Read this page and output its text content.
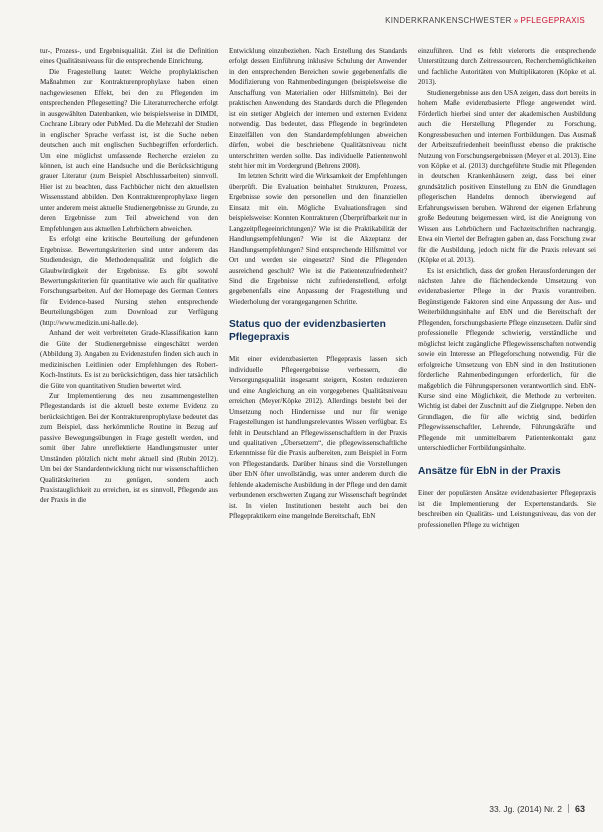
KINDERKRANKENSCHWESTER » PFLEGEPRAXIS

tur-, Prozess-, und Ergebnisqualität. Ziel ist die Definition eines Qualitätsniveaus für die entsprechende Einrichtung.

Die Fragestellung lautet: Welche prophylaktischen Maßnahmen zur Kontrakturenprophylaxe haben einen nachgewiesenen Effekt, bei den zu Pflegenden im entsprechenden Pflegesetting? Die Literaturrecherche erfolgt in ausgewählten Datenbanken, wie beispielsweise in DIMDI, Cochrane Library oder PubMed. Da die Mehrzahl der Studien in englischer Sprache verfasst ist, ist die Suche neben deutschen auch mit englischen Suchbegriffen erforderlich. Um eine möglichst umfassende Recherche erzielen zu können, ist auch eine Handsuche und die Berücksichtigung grauer Literatur (zum Beispiel Abschlussarbeiten) sinnvoll. Hier ist zu beachten, dass Fachbücher nicht den aktuellsten Wissensstand abbilden. Den Kontrakturenprophylaxe liegen unter anderem meist aktuelle Studienergebnisse zu Grunde, zu deren Ergebnisse zum Teil abweichend von den Empfehlungen aus aktuellen Lehrbüchern abweichen.

Es erfolgt eine kritische Beurteilung der gefundenen Ergebnisse. Bewertungskriterien sind unter anderem das Studiendesign, die Methodenqualität und folglich die Glaubwürdigkeit der Ergebnisse. Es gibt sowohl Bewertungskriterien für quantitative wie auch für qualitative Forschungsarbeiten. Auf der Homepage des German Centers für Evidence-based Nursing stehen entsprechende Beurteilungsbögen zum Download zur Verfügung (http://www.medizin.uni-halle.de).

Anhand der weit verbreiteten Grade-Klassifikation kann die Güte der Studienergebnisse eingeschätzt werden (Abbildung 3). Angaben zu Evidenzstufen finden sich auch in medizinischen Leitlinien oder Empfehlungen des Robert-Koch-Instituts. Es ist zu berücksichtigen, dass hier tatsächlich die Güte von quantitativen Studien bewertet wird.

Zur Implementierung des neu zusammengestellten Pflegestandards ist die aktuell beste externe Evidenz zu berücksichtigen. Bei der Kontrakturenprophylaxe bedeutet das zum Beispiel, dass herkömmliche Routine in Bezug auf passive Bewegungsübungen in Frage gestellt werden, und somit über Jahre unreflektierte Handlungsmuster unter Umständen plötzlich nicht mehr aktuell sind (Rubin 2012). Um bei der Standardentwicklung nicht nur wissenschaftlichen Qualitätskriterien zu genügen, sondern auch Praxistauglichkeit zu erreichen, ist es sinnvoll, Pflegende aus der Praxis in die

Entwicklung einzubeziehen. Nach Erstellung des Standards erfolgt dessen Einführung inklusive Schulung der Anwender in den entsprechenden Bereichen sowie gegebenenfalls die Modifizierung von Rahmenbedingungen (beispielsweise die Anschaffung von Materialien oder Hilfsmitteln). Bei der praktischen Anwendung des Standards durch die Pflegenden ist ein stetiger Abgleich der internen und externen Evidenz notwendig. Das bedeutet, dass Pflegende in begründeten Einzelfällen von den Standardempfehlungen abweichen dürfen, wobei die beschriebene Qualitätsniveau nicht unterschritten werden sollte. Das individuelle Patientenwohl steht hier mit im Vordergrund (Behrens 2008).

Im letzten Schritt wird die Wirksamkeit der Empfehlungen überprüft. Die Evaluation beinhaltet Strukturen, Prozess, Ergebnisse sowie den personellen und den finanziellen Einsatz mit ein. Mögliche Evaluationsfragen sind beispielsweise: Konnten Kontrakturen (Überprüfbarkeit nur in Langzeitpflegeeinrichtungen)? Wie ist die Praktikabilität der Handlungsempfehlungen? Wie ist die Akzeptanz der Handlungsempfehlungen? Sind entsprechende Hilfsmittel vor Ort und werden sie eingesetzt? Sind die Pflegenden ausreichend geschult? Wie ist die Patientenzufriedenheit? Sind die Ergebnisse nicht zufriedenstellend, erfolgt gegebenenfalls eine Anpassung der Fragestellung und Wiederholung der vorangegangenen Schritte.

Status quo der evidenzbasierten Pflegepraxis

Mit einer evidenzbasierten Pflegepraxis lassen sich individuelle Pflegeergebnisse verbessern, die Versorgungsqualität insgesamt steigern, Kosten reduzieren und eine Angleichung an ein vorgegebenes Qualitätsniveau erreichen (Meyer/Köpke 2012). Allerdings besteht bei der Umsetzung noch Hindernisse und nur für wenige Fragestellungen ist handlungsrelevantes Wissen verfügbar. Es fehlt in Deutschland an Pflegewissenschaftlern in der Praxis und qualitativen „Übersetzern“, die pflegewissenschaftliche Erkenntnisse für die Praxis aufbereiten, zum Beispiel in Form von Pflegestandards. Darüber hinaus sind die Vorstellungen über EbN öfter unvollständig, was unter anderem durch die fehlende akademische Ausbildung in der Pflege und den damit verbundenen erschwerten Zugang zur Wissenschaft begründet ist. In vielen Institutionen besteht auch bei den Pflegepraktikern eine mangelnde Bereitschaft, EbN

einzuführen. Und es fehlt vielerorts die entsprechende Unterstützung durch Zeitressourcen, Recherchemöglichkeiten und fachliche Autoritäten von Multiplikatoren (Köpke et al. 2013).

Studienergebnisse aus den USA zeigen, dass dort bereits in hohem Maße evidenzbasierte Pflege angewendet wird. Förderlich hierbei sind unter der akademischen Ausbildung auch die Herstellung Pflegender zu Forschung, Kongressbesuchen und internen Fortbildungen. Das Ausmaß der Arbeitszufriedenheit beeinflusst ebenso die praktische Nutzung von Forschungsergebnissen (Meyer et al. 2013). Eine von Köpke et al. (2013) durchgeführte Studie mit Pflegenden in deutschen Krankenhäusern zeigt, dass bei einer grundsätzlich positiven Einstellung zu EbN die Grundlagen pflegerischen Handelns dennoch überwiegend auf Erfahrungswissen beruhen. Während der eigenen Erfahrung große Bedeutung beigemessen wird, ist die Aneignung von Wissen aus Lehrbüchern und Fachzeitschriften nachrangig. Etwa ein Viertel der Befragten gaben an, dass Forschung zwar für die Ausbildung, jedoch nicht für die Praxis relevant sei (Köpke et al. 2013).

Es ist ersichtlich, dass der großen Herausforderungen der nächsten Jahre die flächendeckende Umsetzung von evidenzbasierter Pflege in der Praxis vorantreiben. Begünstigende Faktoren sind eine Anpassung der Aus- und Weiterbildungsinhalte auf EbN und die Bereitschaft der Pflegenden, forschungsbasierte Pflege einzusetzen. Dafür sind professionelle Pflegende schwierig, verständliche und möglichst leicht zugängliche Pflegewissenschaften notwendig sowie ein Interesse an Pflegeforschung notwendig. Für die erfolgreiche Umsetzung von EbN sind in den Institutionen förderliche Rahmenbedingungen erforderlich, für die maßgeblich die Führungspersonen verantwortlich sind. EbN-Kurse sind eine Möglichkeit, die Methode zu verbreiten. Wichtig ist dabei der Zuschnitt auf die Zielgruppe. Neben den Grundlagen, die für alle wichtig sind, bedürfen Pflegewissenschaftler, Lehrende, Führungskräfte und Pflegende mit unmittelbarem Patientenkontakt ganz unterschiedlicher Fortbildungsinhalte.

Ansätze für EbN in der Praxis

Einer der populärsten Ansätze evidenzbasierter Pflegepraxis ist die Implementierung der Expertenstandards. Sie beschreiben ein Qualitäts- und Leistungsniveau, das von der professionellen Pflege zu wichtigen

33. Jg. (2014) Nr. 2 63
